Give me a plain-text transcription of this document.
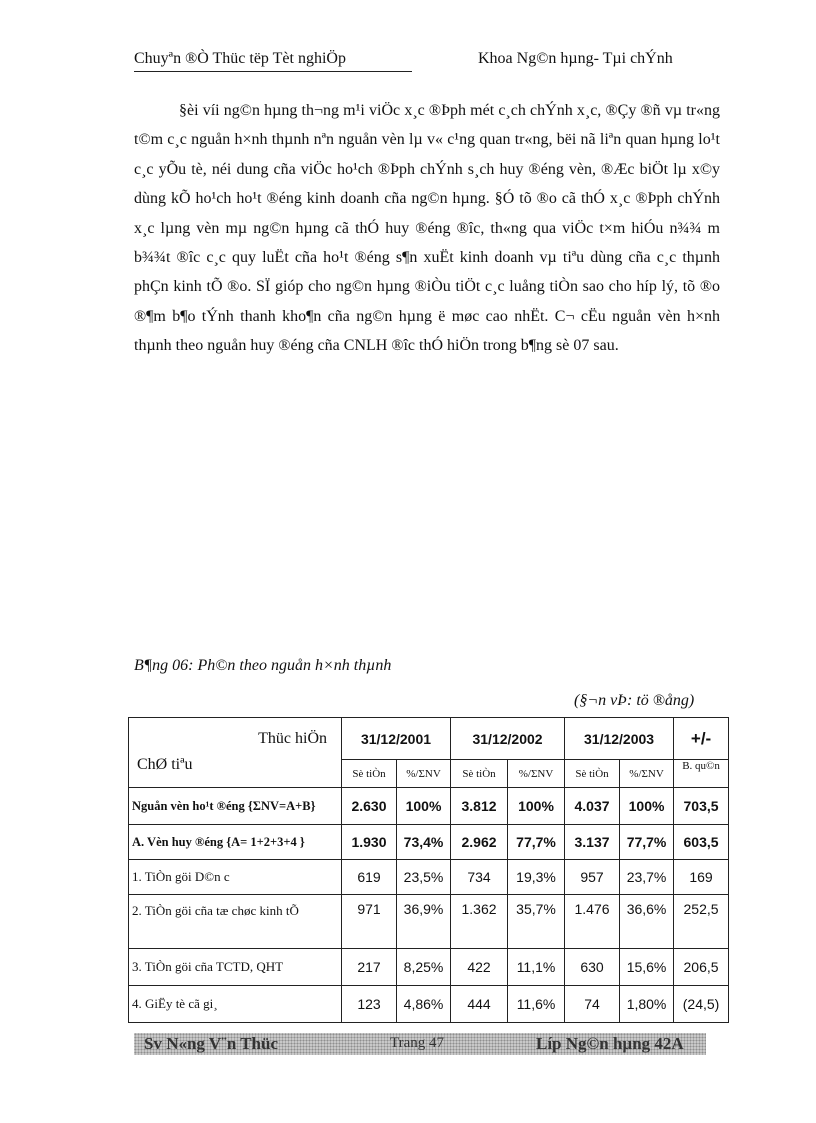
Chuyªn ®Ò Thüc tëp Tèt nghiÖp	Khoa Ng©n hµng- Tµi chÝnh

§èi víi ng©n hµng th¬ng m¹i viÖc x¸c ®Þph mét c¸ch chÝnh x¸c, ®Çy ®ñ vµ tr«ng t©m c¸c nguån h×nh thµnh nªn nguån vèn lµ v« c¹ng quan tr«ng, bëi nã liªn quan hµng lo¹t c¸c yÕu tè, néi dung cña viÖc ho¹ch ®Þph chÝnh s¸ch huy ®éng vèn, ®Æc biÖt lµ x©y dùng kÕ ho¹ch ho¹t ®éng kinh doanh cña ng©n hµng. §Ó tõ ®o cã thÓ x¸c ®Þph chÝnh x¸c lµng vèn mµ ng©n hµng cã thÓ huy ®éng ®îc, th«ng qua viÖc t×m hiÓu n¾¾ m b¾¾t ®îc c¸c quy luËt cña ho¹t ®éng s¶n xuËt kinh doanh vµ tiªu dùng cña c¸c thµnh phÇn kinh tÕ ®o. SÏ gióp cho ng©n hµng ®iÒu tiÖt c¸c luång tiÒn sao cho híp lý, tõ ®o ®¶m b¶o tÝnh thanh kho¶n cña ng©n hµng ë møc cao nhËt. C¬ cËu nguån vèn h×nh thµnh theo nguån huy ®éng cña CNLH ®îc thÓ hiÖn trong b¶ng sè 07 sau.

B¶ng 06: Ph©n theo nguån h×nh thµnh
(§¬n vÞ: tö ®ång)
Thüc hiÖn
ChØ tiªu	31/12/2001		31/12/2002		31/12/2003		+/-
	Sè tiÒn	%/ΣNV	Sè tiÒn	%/ΣNV	Sè tiÒn	%/ΣNV	B. qu©n
Nguån vèn ho¹t ®éng {ΣNV=A+B}	2.630	100%	3.812	100%	4.037	100%	703,5
A. Vèn huy ®éng {A= 1+2+3+4 }	1.930	73,4%	2.962	77,7%	3.137	77,7%	603,5
1. TiÒn göi D©n c	619	23,5%	734	19,3%	957	23,7%	169
2. TiÒn göi cña tæ chøc kinh tÕ	971	36,9%	1.362	35,7%	1.476	36,6%	252,5
3. TiÒn göi cña TCTD, QHT	217	8,25%	422	11,1%	630	15,6%	206,5
4. GiËy tè cã gi¸	123	4,86%	444	11,6%	74	1,80%	(24,5)
Sv N«ng V¨n Thüc	Trang 47	Líp Ng©n hµng 42A
